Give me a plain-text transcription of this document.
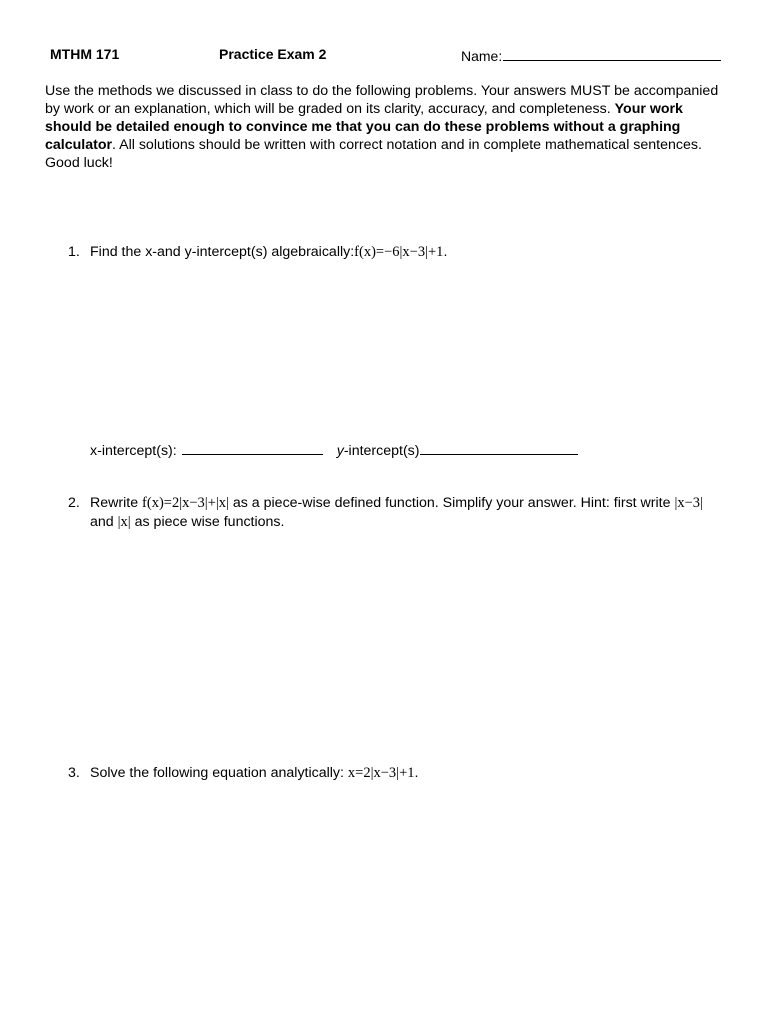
MTHM 171	Practice Exam 2	Name:
Use the methods we discussed in class to do the following problems. Your answers MUST be accompanied by work or an explanation, which will be graded on its clarity, accuracy, and completeness. Your work should be detailed enough to convince me that you can do these problems without a graphing calculator. All solutions should be written with correct notation and in complete mathematical sentences. Good luck!
1. Find the x-and y-intercept(s) algebraically:f(x)=−6|x−3|+1.
x-intercept(s):	y-intercept(s)
2. Rewrite f(x)=2|x−3|+|x| as a piece-wise defined function. Simplify your answer. Hint: first write |x−3| and |x| as piece wise functions.
3. Solve the following equation analytically: x=2|x−3|+1.
